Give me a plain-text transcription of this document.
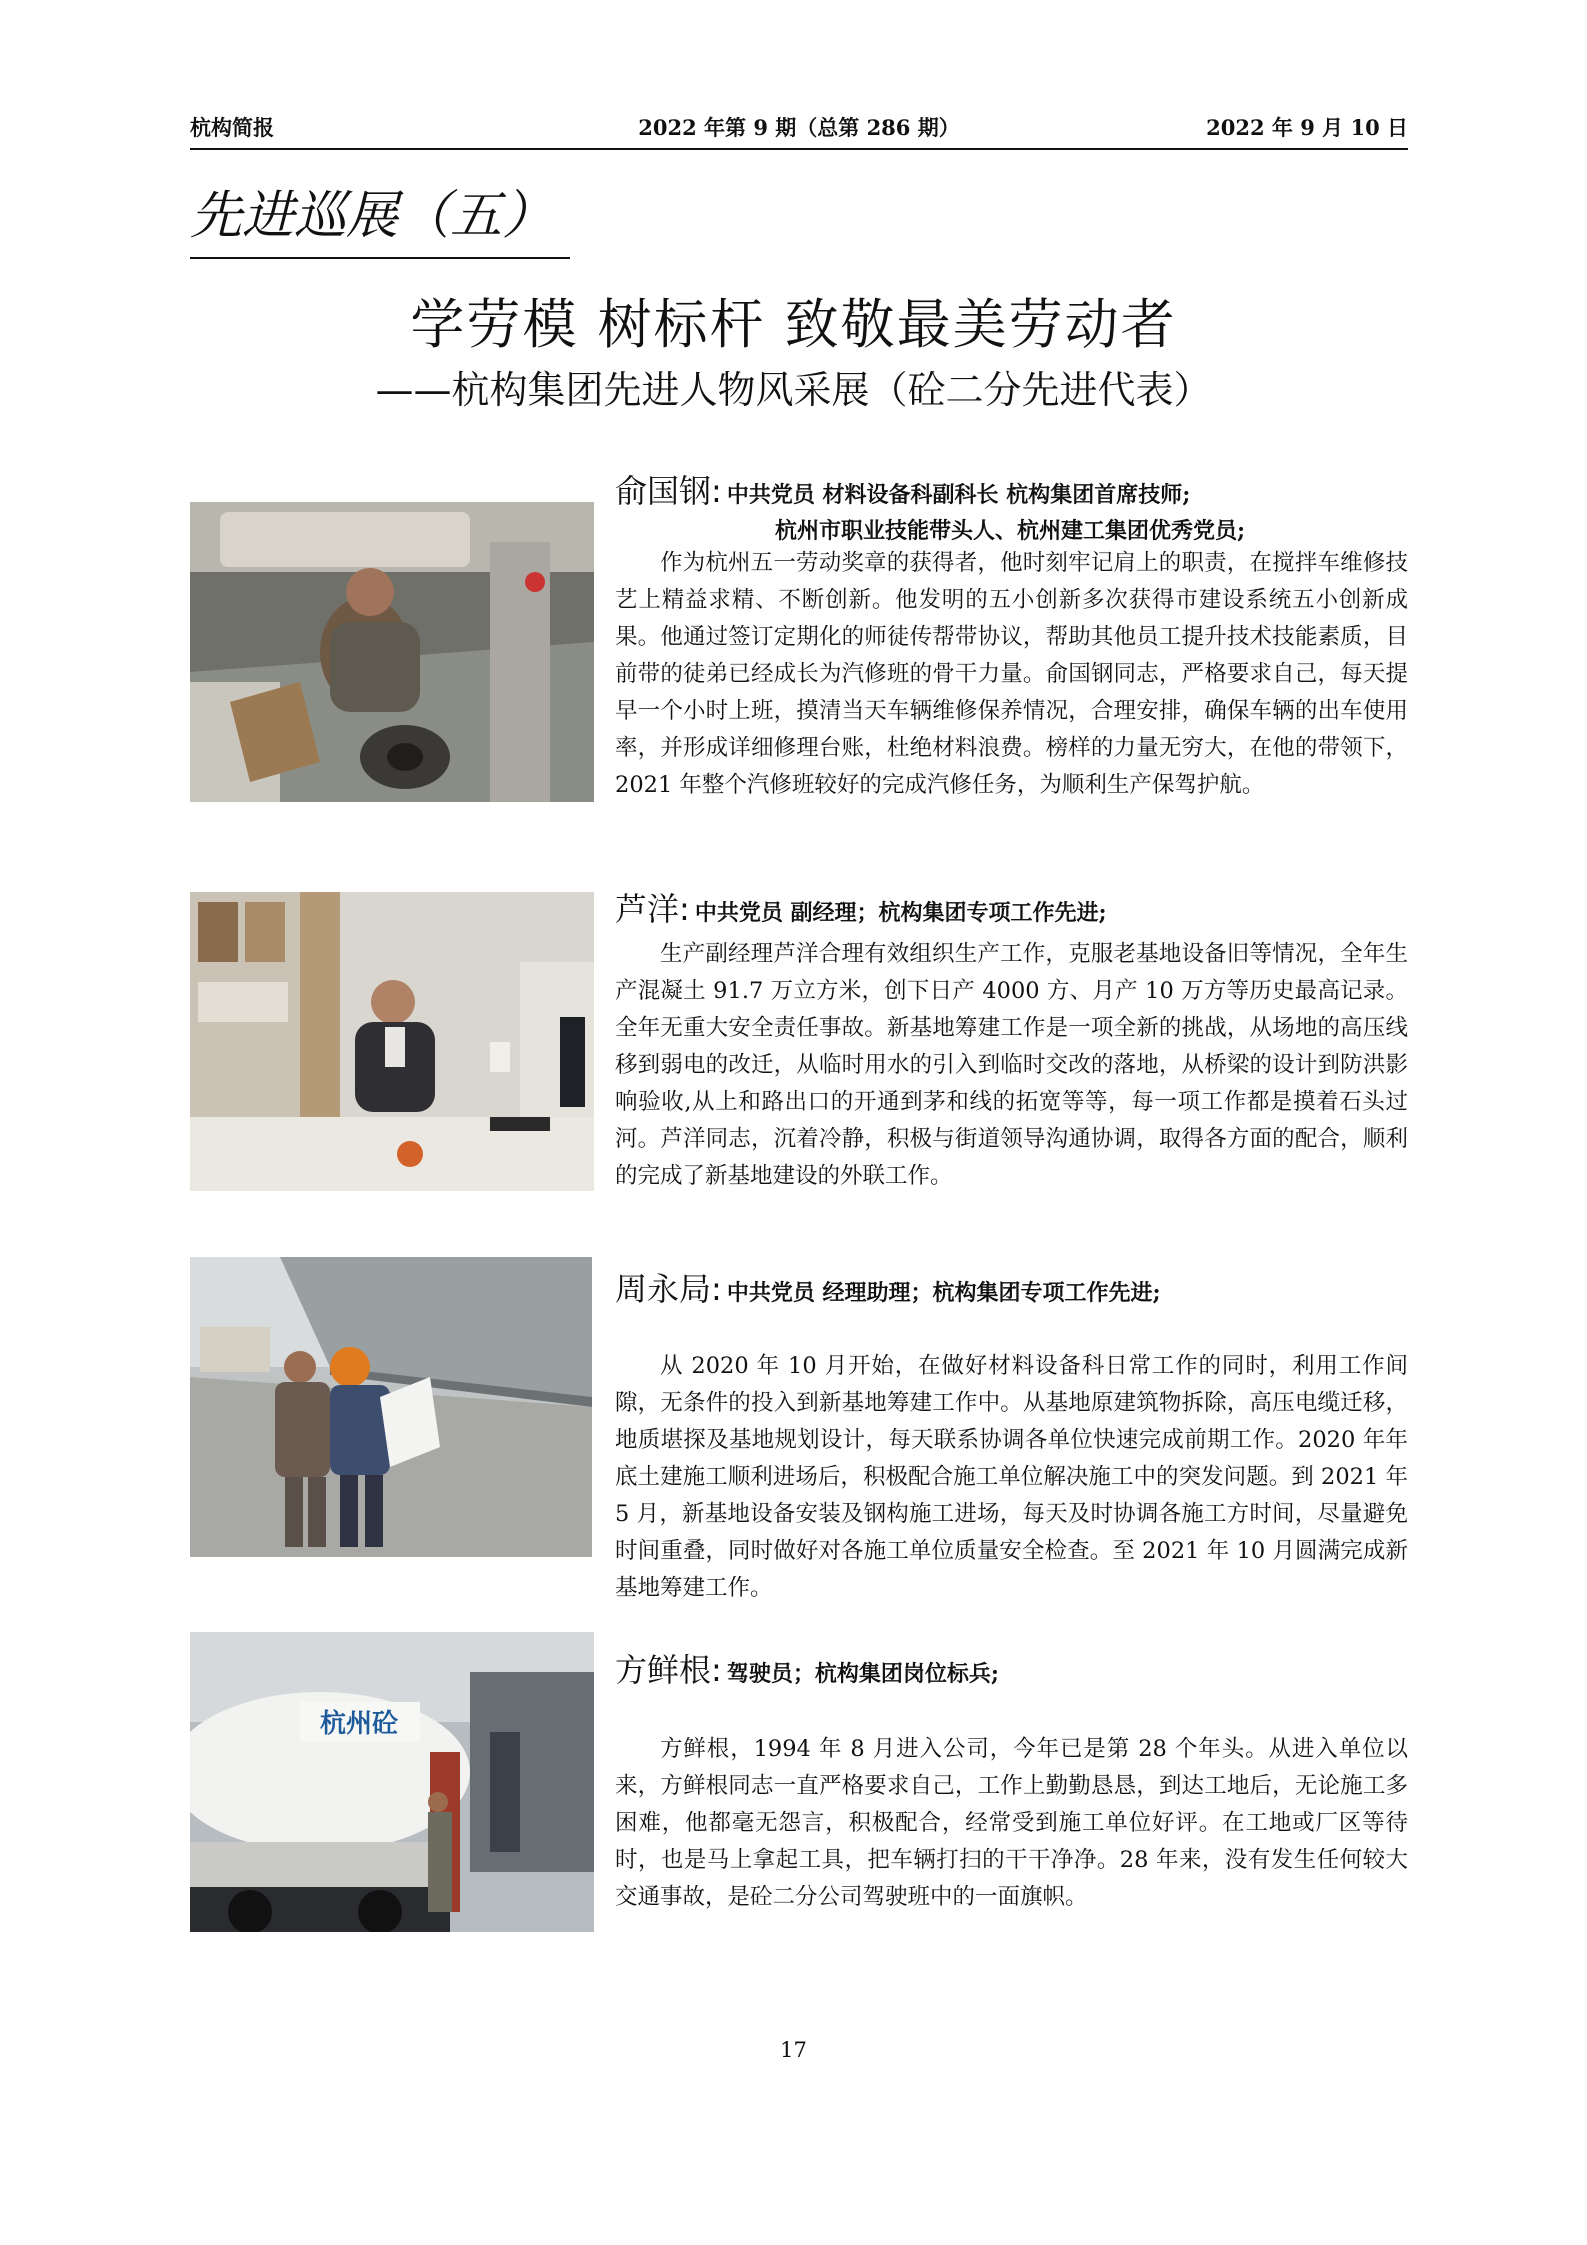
杭构简报	2022 年第 9 期（总第 286 期）	2022 年 9 月 10 日
先进巡展（五）
学劳模 树标杆 致敬最美劳动者
——杭构集团先进人物风采展（砼二分先进代表）
俞国钢: 中共党员 材料设备科副科长 杭构集团首席技师;
杭州市职业技能带头人、杭州建工集团优秀党员;

作为杭州五一劳动奖章的获得者，他时刻牢记肩上的职责，在搅拌车维修技艺上精益求精、不断创新。他发明的五小创新多次获得市建设系统五小创新成果。他通过签订定期化的师徒传帮带协议，帮助其他员工提升技术技能素质，目前带的徒弟已经成长为汽修班的骨干力量。俞国钢同志，严格要求自己，每天提早一个小时上班，摸清当天车辆维修保养情况，合理安排，确保车辆的出车使用率，并形成详细修理台账，杜绝材料浪费。榜样的力量无穷大，在他的带领下，2021 年整个汽修班较好的完成汽修任务，为顺利生产保驾护航。

芦洋: 中共党员 副经理；杭构集团专项工作先进;

生产副经理芦洋合理有效组织生产工作，克服老基地设备旧等情况，全年生产混凝土 91.7 万立方米，创下日产 4000 方、月产 10 万方等历史最高记录。全年无重大安全责任事故。新基地筹建工作是一项全新的挑战，从场地的高压线移到弱电的改迁，从临时用水的引入到临时交改的落地，从桥梁的设计到防洪影响验收,从上和路出口的开通到茅和线的拓宽等等，每一项工作都是摸着石头过河。芦洋同志，沉着冷静，积极与街道领导沟通协调，取得各方面的配合，顺利的完成了新基地建设的外联工作。

周永局: 中共党员 经理助理；杭构集团专项工作先进;

从 2020 年 10 月开始，在做好材料设备科日常工作的同时，利用工作间隙，无条件的投入到新基地筹建工作中。从基地原建筑物拆除，高压电缆迁移，地质堪探及基地规划设计，每天联系协调各单位快速完成前期工作。2020 年年底土建施工顺利进场后，积极配合施工单位解决施工中的突发问题。到 2021 年 5 月，新基地设备安装及钢构施工进场，每天及时协调各施工方时间，尽量避免时间重叠，同时做好对各施工单位质量安全检查。至 2021 年 10 月圆满完成新基地筹建工作。

杭州砼
方鲜根: 驾驶员；杭构集团岗位标兵;

方鲜根，1994 年 8 月进入公司，今年已是第 28 个年头。从进入单位以来，方鲜根同志一直严格要求自己，工作上勤勤恳恳，到达工地后，无论施工多困难，他都毫无怨言，积极配合，经常受到施工单位好评。在工地或厂区等待时，也是马上拿起工具，把车辆打扫的干干净净。28 年来，没有发生任何较大交通事故，是砼二分公司驾驶班中的一面旗帜。

17
